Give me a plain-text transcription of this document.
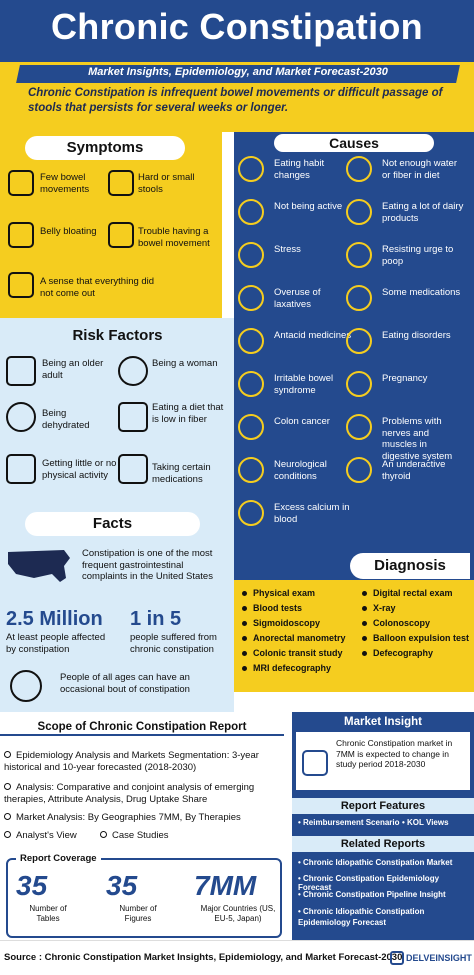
Chronic Constipation
Market Insights, Epidemiology, and Market Forecast-2030
Chronic Constipation is infrequent bowel movements or difficult passage of stools that persists for several weeks or longer.
Symptoms
Few bowel movements
Hard or small stools
Belly bloating	Trouble having a bowel movement
A sense that everything did not come out
Causes
Risk Factors
Being an older adult
Being a woman
Being dehydrated
Eating a diet that is low in fiber
Getting little or no physical activity
Taking certain medications
Facts
Constipation is one of the most frequent gastrointestinal complaints in the United States
2.5 Million
At least people affected by constipation
1 in 5
people suffered from chronic constipation
People of all ages can have an occasional bout of constipation
Diagnosis
Scope of Chronic Constipation Report
Report Coverage
Market Insight
Chronic Constipation market in 7MM is expected to change in study period 2018-2030
Report Features
• Reimbursement Scenario • KOL Views
Related Reports
• Chronic Idiopathic Constipation Market
• Chronic Constipation Epidemiology Forecast
• Chronic Constipation Pipeline Insight
• Chronic Idiopathic Constipation Epidemiology Forecast
Source : Chronic Constipation Market Insights, Epidemiology, and Market Forecast-2030 DELVEINSIGHT
Eating habit changes
Not enough water or fiber in diet
Not being active	Eating a lot of dairy products
Stress	Resisting urge to poop
Overuse of laxatives
Some medications
Antacid medicines	Eating disorders
Irritable bowel syndrome
Pregnancy
Colon cancer	Problems with nerves and muscles in digestive system
Neurological conditions
An underactive thyroid
Excess calcium in blood
Physical exam
Blood tests
Sigmoidoscopy
Anorectal manometry
Colonic transit study
MRI defecography
Digital rectal exam
X-ray
Colonoscopy
Balloon expulsion test
Defecography
Epidemiology Analysis and Markets Segmentation: 3-year historical and 10-year forecasted (2018-2030)
Analysis: Comparative and conjoint analysis of emerging therapies, Attribute Analysis, Drug Uptake Share
Market Analysis: By Geographies 7MM, By Therapies
Analyst's View	Case Studies
35
Number of Tables
35
Number of Figures
7MM
Major Countries (US, EU-5, Japan)
